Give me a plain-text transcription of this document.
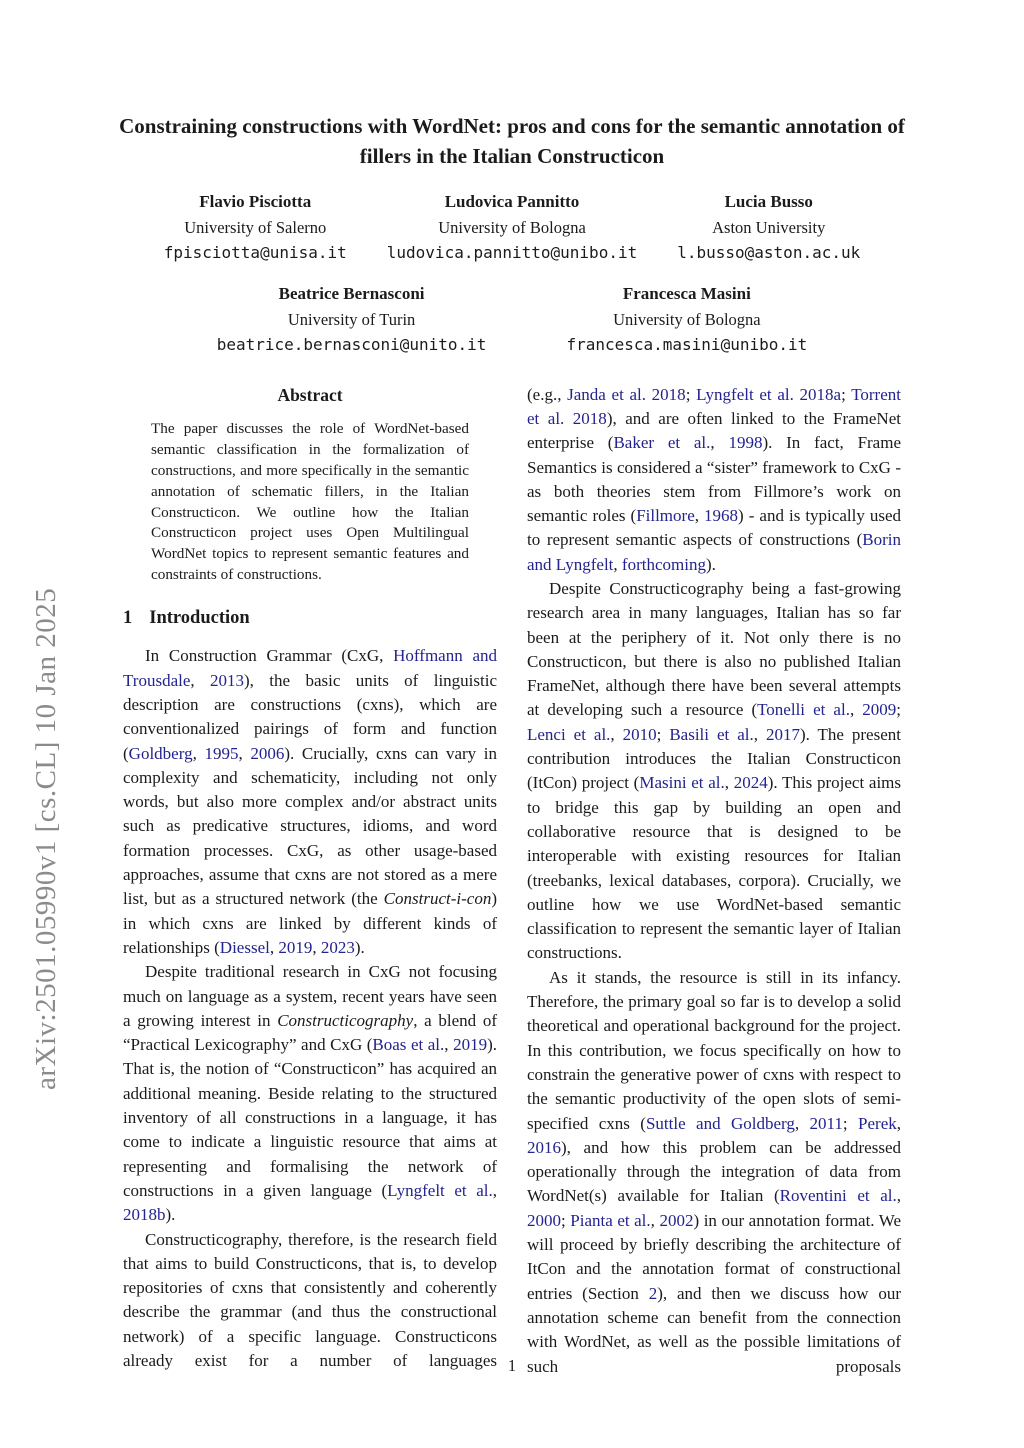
arXiv:2501.05990v1 [cs.CL] 10 Jan 2025
Constraining constructions with WordNet: pros and cons for the semantic annotation of fillers in the Italian Constructicon
Flavio Pisciotta
University of Salerno
fpisciotta@unisa.it
Ludovica Pannitto
University of Bologna
ludovica.pannitto@unibo.it
Lucia Busso
Aston University
l.busso@aston.ac.uk
Beatrice Bernasconi
University of Turin
beatrice.bernasconi@unito.it
Francesca Masini
University of Bologna
francesca.masini@unibo.it
Abstract
The paper discusses the role of WordNet-based semantic classification in the formalization of constructions, and more specifically in the semantic annotation of schematic fillers, in the Italian Constructicon. We outline how the Italian Constructicon project uses Open Multilingual WordNet topics to represent semantic features and constraints of constructions.
1 Introduction

In Construction Grammar (CxG, Hoffmann and Trousdale, 2013), the basic units of linguistic description are constructions (cxns), which are conventionalized pairings of form and function (Goldberg, 1995, 2006). Crucially, cxns can vary in complexity and schematicity, including not only words, but also more complex and/or abstract units such as predicative structures, idioms, and word formation processes. CxG, as other usage-based approaches, assume that cxns are not stored as a mere list, but as a structured network (the Construct-i-con) in which cxns are linked by different kinds of relationships (Diessel, 2019, 2023).

Despite traditional research in CxG not focusing much on language as a system, recent years have seen a growing interest in Constructicography, a blend of “Practical Lexicography” and CxG (Boas et al., 2019). That is, the notion of “Constructicon” has acquired an additional meaning. Beside relating to the structured inventory of all constructions in a language, it has come to indicate a linguistic resource that aims at representing and formalising the network of constructions in a given language (Lyngfelt et al., 2018b).

Constructicography, therefore, is the research field that aims to build Constructicons, that is, to develop repositories of cxns that consistently and coherently describe the grammar (and thus the constructional network) of a specific language. Constructicons already exist for a number of languages

(e.g., Janda et al. 2018; Lyngfelt et al. 2018a; Torrent et al. 2018), and are often linked to the FrameNet enterprise (Baker et al., 1998). In fact, Frame Semantics is considered a “sister” framework to CxG - as both theories stem from Fillmore’s work on semantic roles (Fillmore, 1968) - and is typically used to represent semantic aspects of constructions (Borin and Lyngfelt, forthcoming).

Despite Constructicography being a fast-growing research area in many languages, Italian has so far been at the periphery of it. Not only there is no Constructicon, but there is also no published Italian FrameNet, although there have been several attempts at developing such a resource (Tonelli et al., 2009; Lenci et al., 2010; Basili et al., 2017). The present contribution introduces the Italian Constructicon (ItCon) project (Masini et al., 2024). This project aims to bridge this gap by building an open and collaborative resource that is designed to be interoperable with existing resources for Italian (treebanks, lexical databases, corpora). Crucially, we outline how we use WordNet-based semantic classification to represent the semantic layer of Italian constructions.

As it stands, the resource is still in its infancy. Therefore, the primary goal so far is to develop a solid theoretical and operational background for the project. In this contribution, we focus specifically on how to constrain the generative power of cxns with respect to the semantic productivity of the open slots of semi-specified cxns (Suttle and Goldberg, 2011; Perek, 2016), and how this problem can be addressed operationally through the integration of data from WordNet(s) available for Italian (Roventini et al., 2000; Pianta et al., 2002) in our annotation format. We will proceed by briefly describing the architecture of ItCon and the annotation format of constructional entries (Section 2), and then we discuss how our annotation scheme can benefit from the connection with WordNet, as well as the possible limitations of such proposals

1
